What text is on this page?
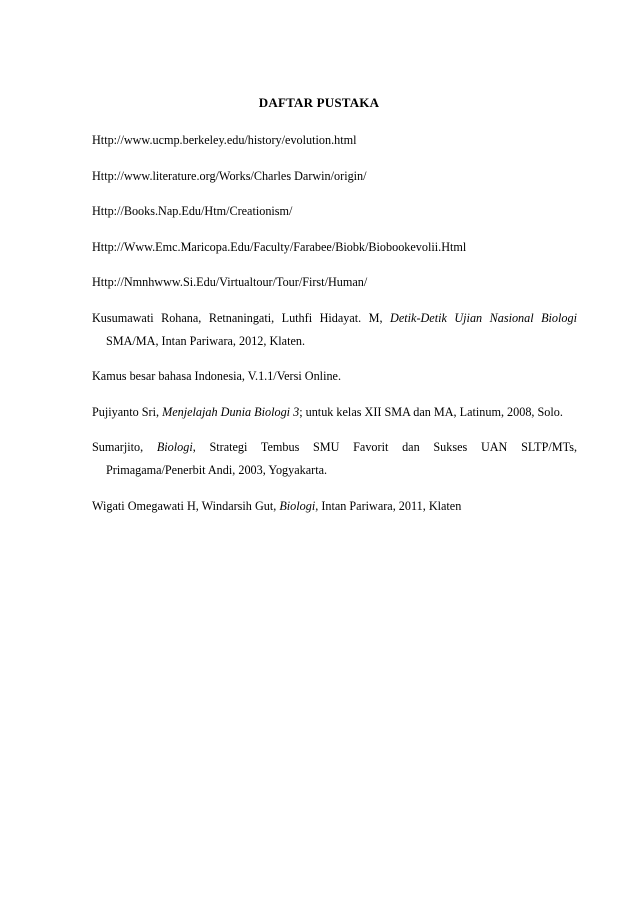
DAFTAR PUSTAKA
Http://www.ucmp.berkeley.edu/history/evolution.html
Http://www.literature.org/Works/Charles Darwin/origin/
Http://Books.Nap.Edu/Htm/Creationism/
Http://Www.Emc.Maricopa.Edu/Faculty/Farabee/Biobk/Biobookevolii.Html
Http://Nmnhwww.Si.Edu/Virtualtour/Tour/First/Human/
Kusumawati Rohana, Retnaningati, Luthfi Hidayat. M, Detik-Detik Ujian Nasional Biologi SMA/MA, Intan Pariwara, 2012, Klaten.
Kamus besar bahasa Indonesia, V.1.1/Versi Online.
Pujiyanto Sri, Menjelajah Dunia Biologi 3; untuk kelas XII SMA dan MA, Latinum, 2008, Solo.
Sumarjito, Biologi, Strategi Tembus SMU Favorit dan Sukses UAN SLTP/MTs, Primagama/Penerbit Andi, 2003, Yogyakarta.
Wigati Omegawati H, Windarsih Gut, Biologi, Intan Pariwara, 2011, Klaten
